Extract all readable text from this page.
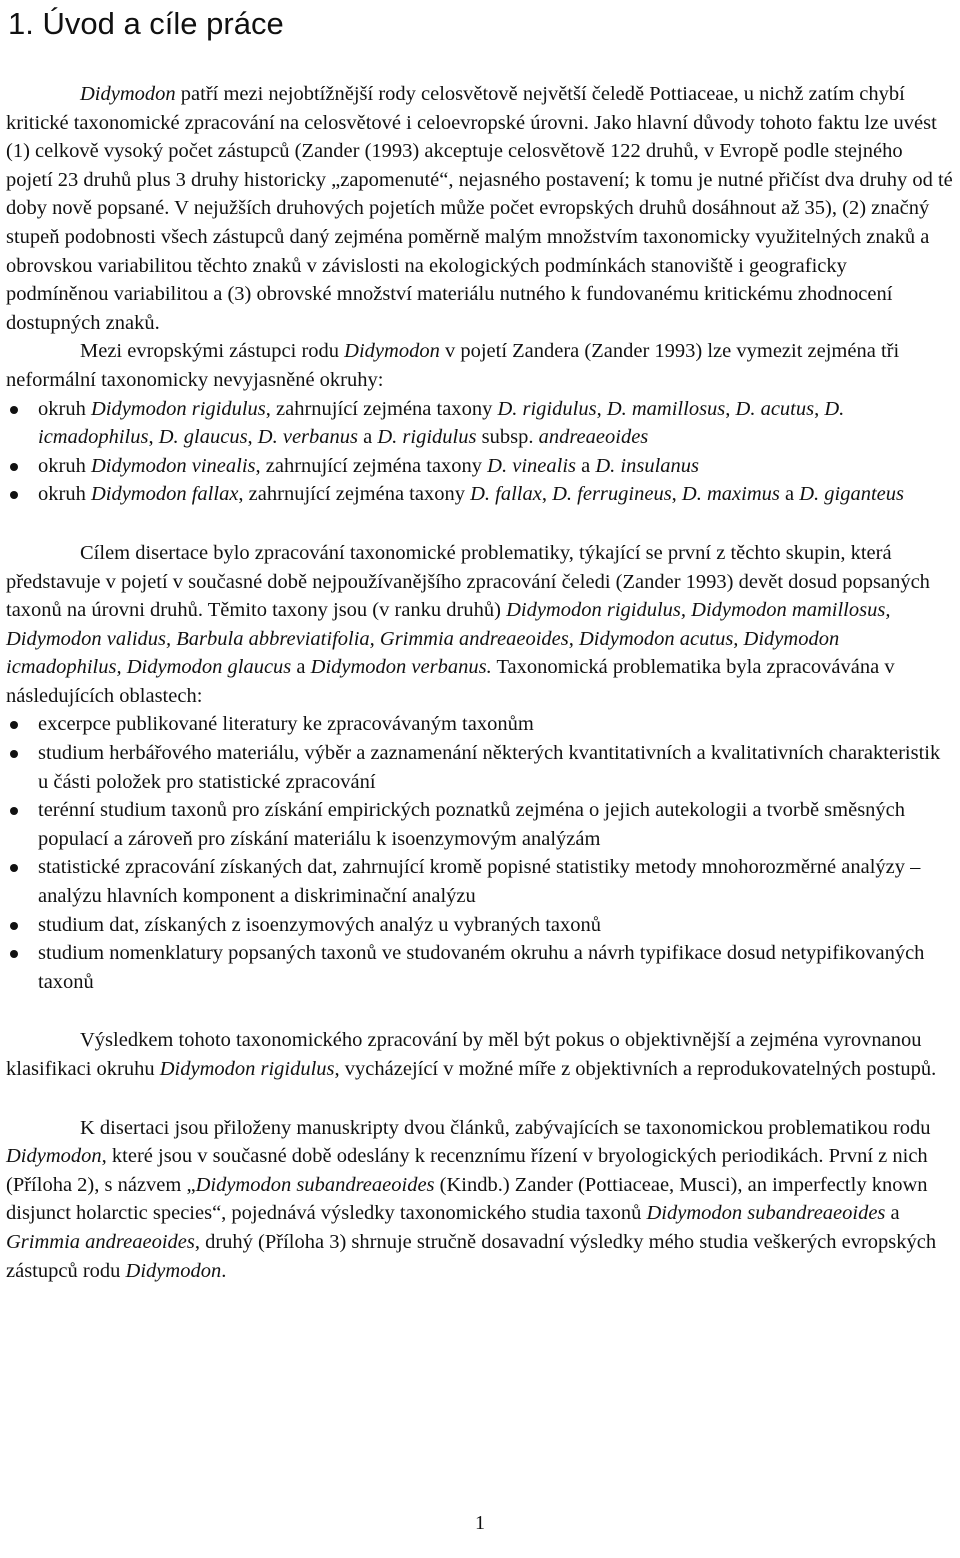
1. Úvod a cíle práce

Didymodon patří mezi nejobtížnější rody celosvětově největší čeledě Pottiaceae, u nichž zatím chybí kritické taxonomické zpracování na celosvětové i celoevropské úrovni. Jako hlavní důvody tohoto faktu lze uvést (1) celkově vysoký počet zástupců (Zander (1993) akceptuje celosvětově 122 druhů, v Evropě podle stejného pojetí 23 druhů plus 3 druhy historicky „zapomenuté“, nejasného postavení; k tomu je nutné přičíst dva druhy od té doby nově popsané. V nejužších druhových pojetích může počet evropských druhů dosáhnout až 35), (2) značný stupeň podobnosti všech zástupců daný zejména poměrně malým množstvím taxonomicky využitelných znaků a obrovskou variabilitou těchto znaků v závislosti na ekologických podmínkách stanoviště i geograficky podmíněnou variabilitou a (3) obrovské množství materiálu nutného k fundovanému kritickému zhodnocení dostupných znaků.

Mezi evropskými zástupci rodu Didymodon v pojetí Zandera (Zander 1993) lze vymezit zejména tři neformální taxonomicky nevyjasněné okruhy:

okruh Didymodon rigidulus, zahrnující zejména taxony D. rigidulus, D. mamillosus, D. acutus, D. icmadophilus, D. glaucus, D. verbanus a D. rigidulus subsp. andreaeoides
okruh Didymodon vinealis, zahrnující zejména taxony D. vinealis a D. insulanus
okruh Didymodon fallax, zahrnující zejména taxony D. fallax, D. ferrugineus, D. maximus a D. giganteus

Cílem disertace bylo zpracování taxonomické problematiky, týkající se první z těchto skupin, která představuje v pojetí v současné době nejpoužívanějšího zpracování čeledi (Zander 1993) devět dosud popsaných taxonů na úrovni druhů. Těmito taxony jsou (v ranku druhů) Didymodon rigidulus, Didymodon mamillosus, Didymodon validus, Barbula abbreviatifolia, Grimmia andreaeoides, Didymodon acutus, Didymodon icmadophilus, Didymodon glaucus a Didymodon verbanus. Taxonomická problematika byla zpracovávána v následujících oblastech:

excerpce publikované literatury ke zpracovávaným taxonům
studium herbářového materiálu, výběr a zaznamenání některých kvantitativních a kvalitativních charakteristik u části položek pro statistické zpracování
terénní studium taxonů pro získání empirických poznatků zejména o jejich autekologii a tvorbě směsných populací a zároveň pro získání materiálu k isoenzymovým analýzám
statistické zpracování získaných dat, zahrnující kromě popisné statistiky metody mnohorozměrné analýzy – analýzu hlavních komponent a diskriminační analýzu
studium dat, získaných z isoenzymových analýz u vybraných taxonů
studium nomenklatury popsaných taxonů ve studovaném okruhu a návrh typifikace dosud netypifikovaných taxonů

Výsledkem tohoto taxonomického zpracování by měl být pokus o objektivnější a zejména vyrovnanou klasifikaci okruhu Didymodon rigidulus, vycházející v možné míře z objektivních a reprodukovatelných postupů.

K disertaci jsou přiloženy manuskripty dvou článků, zabývajících se taxonomickou problematikou rodu Didymodon, které jsou v současné době odeslány k recenznímu řízení v bryologických periodikách. První z nich (Příloha 2), s názvem „Didymodon subandreaeoides (Kindb.) Zander (Pottiaceae, Musci), an imperfectly known disjunct holarctic species“, pojednává výsledky taxonomického studia taxonů Didymodon subandreaeoides a Grimmia andreaeoides, druhý (Příloha 3) shrnuje stručně dosavadní výsledky mého studia veškerých evropských zástupců rodu Didymodon.

1
